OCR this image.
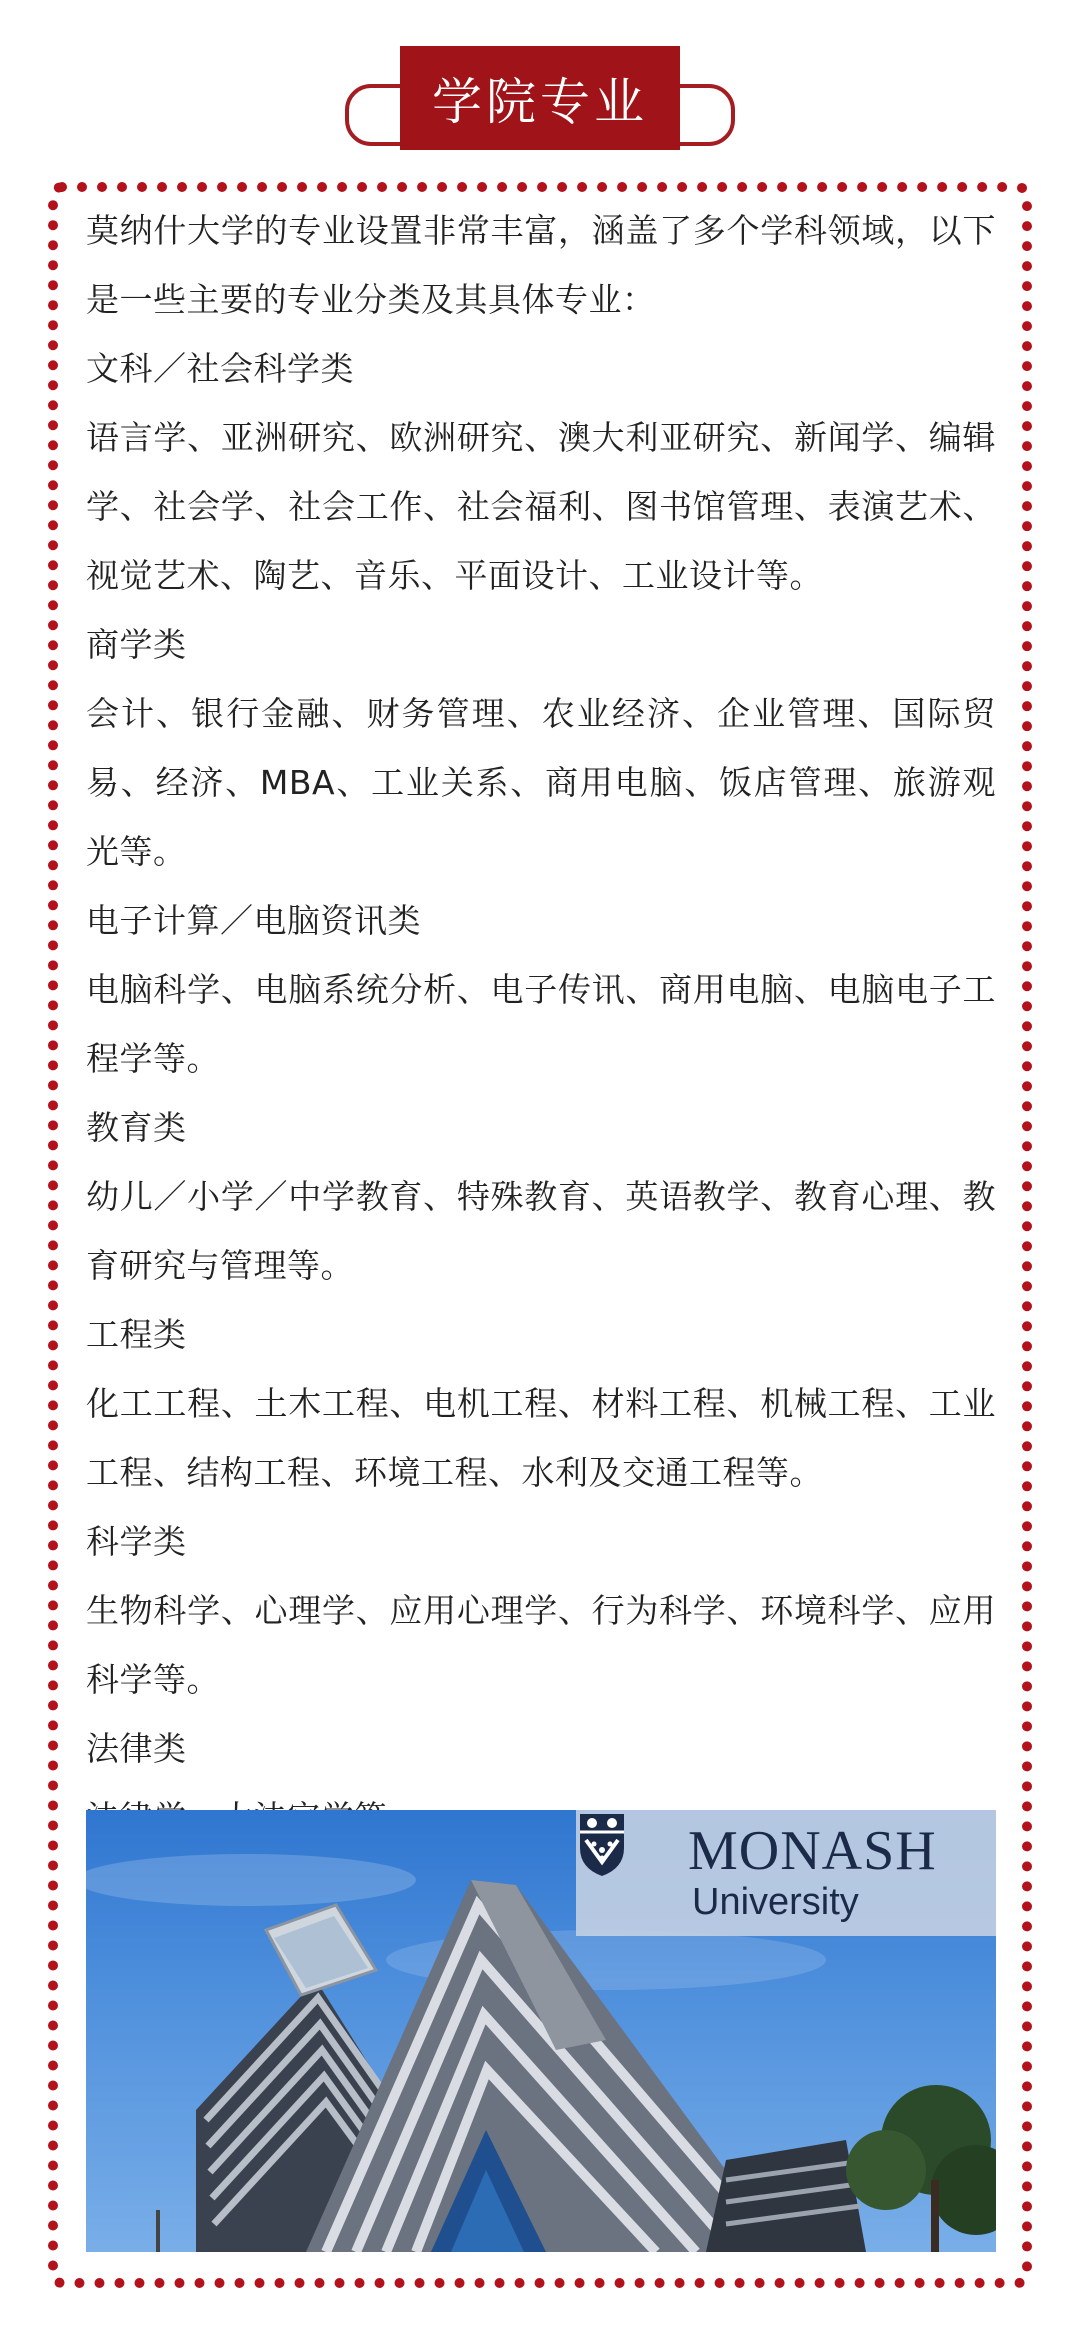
学院专业

莫纳什大学的专业设置非常丰富，涵盖了多个学科领域，以下是一些主要的专业分类及其具体专业：

文科／社会科学类

语言学、亚洲研究、欧洲研究、澳大利亚研究、新闻学、编辑学、社会学、社会工作、社会福利、图书馆管理、表演艺术、视觉艺术、陶艺、音乐、平面设计、工业设计等。

商学类

会计、银行金融、财务管理、农业经济、企业管理、国际贸易、经济、MBA、工业关系、商用电脑、饭店管理、旅游观光等。

电子计算／电脑资讯类

电脑科学、电脑系统分析、电子传讯、商用电脑、电脑电子工程学等。

教育类

幼儿／小学／中学教育、特殊教育、英语教学、教育心理、教育研究与管理等。

工程类

化工工程、土木工程、电机工程、材料工程、机械工程、工业工程、结构工程、环境工程、水利及交通工程等。

科学类

生物科学、心理学、应用心理学、行为科学、环境科学、应用科学等。

法律类

MONASH
University
